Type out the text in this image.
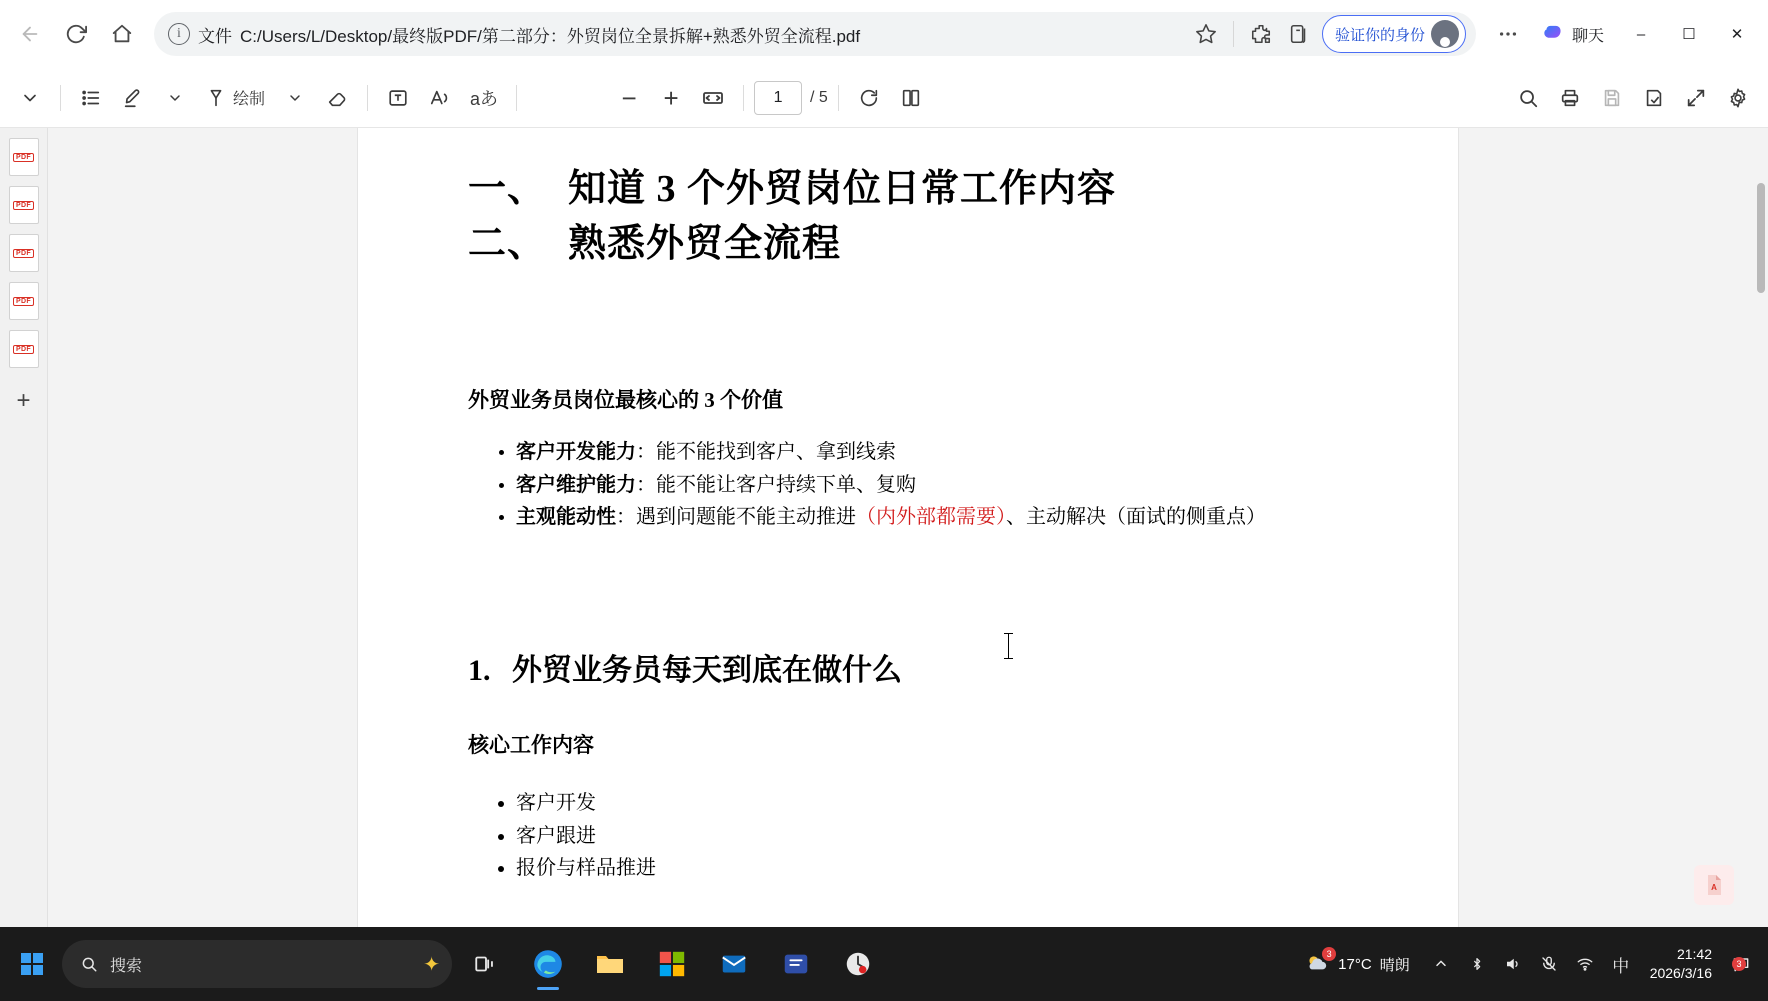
i	文件 C:/Users/L/Desktop/最终版PDF/第二部分：外贸岗位全景拆解+熟悉外贸全流程.pdf	验证你的身份	聊天	–	☐	✕
绘制	aあ	− +
1	/ 5
PDF
PDF
PDF
PDF
PDF
+

一、 知道 3 个外贸岗位日常工作内容
二、 熟悉外贸全流程
外贸业务员岗位最核心的 3 个价值
• 客户开发能力：能不能找到客户、拿到线索
• 客户维护能力：能不能让客户持续下单、复购
• 主观能动性：遇到问题能不能主动推进（内外部都需要）、主动解决（面试的侧重点）
1. 外贸业务员每天到底在做什么
核心工作内容
• 客户开发
• 客户跟进
• 报价与样品推进
A
搜索	✦	3
17°C 晴朗	中
21:42
2026/3/16
3
